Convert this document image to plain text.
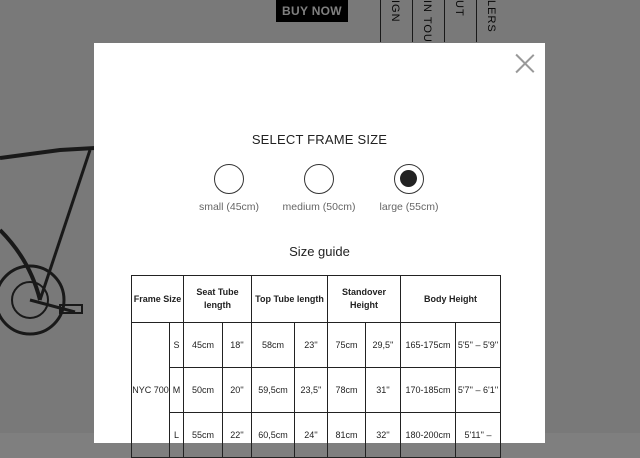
SELECT FRAME SIZE
small (45cm)	medium (50cm)	large (55cm)
Size guide
Frame Size		Seat Tube length		Top Tube length		Standover Height		Body Height	
NYC 700	S	45cm	18''	58cm	23''	75cm	29,5''	165-175cm	5'5'' – 5'9''
	M	50cm	20''	59,5cm	23,5''	78cm	31''	170-185cm	5'7'' – 6'1''
	L	55cm	22''	60,5cm	24''	81cm	32''	180-200cm	5'11'' –
